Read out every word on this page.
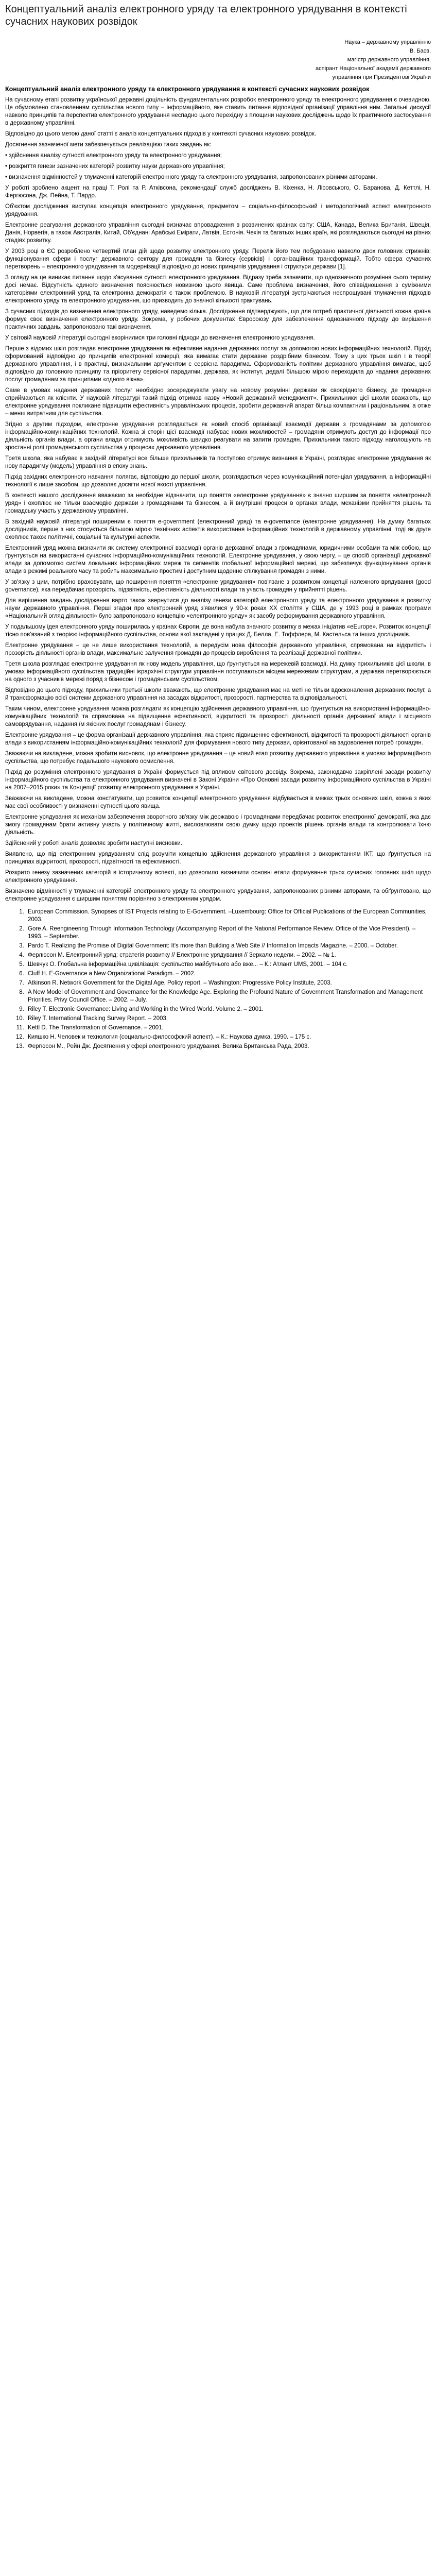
Концептуальний аналіз електронного уряду та електронного урядування в контексті сучасних наукових розвідок
Наука – державному управлінню
В. Басв,
магістр державного управління,
аспірант Національної академії державного
управління при Президентові України
Концептуальний аналіз електронного уряду та електронного урядування в контексті сучасних наукових розвідок

На сучасному етапі розвитку української державні доцільність фундаментальних розробок електронного уряду та електронного урядування є очевидною. Це обумовлено становленням суспільства нового типу – інформаційного, яке ставить питання відповідної організації управління ним. Загальні дискусії навколо принципів та перспектив електронного урядування неспадно цього перехідну з площини наукових досліджень щодо їх практичного застосування в державному управлінні.

Відповідно до цього метою даної статті є аналіз концептуальних підходів у контексті сучасних наукових розвідок.

Досягнення зазначеної мети забезпечується реалізацією таких завдань як:

• здійснення аналізу сутності електронного уряду та електронного урядування;

• розкриття генези зазначених категорій розвитку науки державного управління;

• визначення відмінностей у тлумаченні категорій електронного уряду та електронного урядування, запропонованих різними авторами.

У роботі зроблено акцент на праці Т. Ролі та Р. Атківсона, рекомендації служб досліджень В. Кіхенка, Н. Лісовського, О. Баранова, Д. Кеттлі, Н. Фергюсона, Дж. Пейна, Т. Пардо.

Об'єктом дослідження виступає концепція електронного урядування, предметом – соціально-філософський і методологічний аспект електронного урядування.

Електронне реагування державного управління сьогодні визначає впровадження в розвинених країнах світу: США, Канада, Велика Британія, Швеція, Данія, Норвегія, а також Австралія, Китай, Об'єднані Арабські Емірати, Латвія, Естонія. Чехія та багатьох інших країн, які розглядаються сьогодні на різних стадіях розвитку.

У 2003 році в ЄС розроблено четвертий план дій щодо розвитку електронного уряду. Перелік його тем побудовано навколо двох головних стрижнів: функціонування сфери і послуг державного сектору для громадян та бізнесу (сервісів) і організаційних трансформацій. Тобто сфера сучасних перетворень – електронного урядування та модернізації відповідно до нових принципів урядування і структури держави [1].

З огляду на це виникає питання щодо з'ясування сутності електронного урядування. Відразу треба зазначити, що однозначного розуміння сього терміну досі немає. Відсутність єдиного визначення пояснюється новизною цього явища. Саме проблема визначення, його співвідношення з суміжними категоріями електронний уряд та електронна демократія є також проблемою. В науковій літературі зустрічаються неспрощувані тлумачення підходів електронного уряду та електронного урядування, що призводить до значної кількості трактувань.

З сучасних підходів до визначення електронного уряду, наведемо кілька. Дослідження підтверджують, що для потреб практичної діяльності кожна країна формує своє визначення електронного уряду. Зокрема, у робочих документах Євросоюзу для забезпечення однозначного підходу до вирішення практичних завдань, запропоновано такі визначення.

У світовій науковій літературі сьогодні вкорінилися три головні підходи до визначення електронного урядування.

Перше з відомих шкіл розглядає електронне урядування як ефективне надання державних послуг за допомогою нових інформаційних технологій. Підхід сформований відповідно до принципів електронної комерції, яка вимагає стати державне роздрібним бізнесом. Тому з цих трьох шкіл і в теорії державного управління, і в практиці, визначальним аргументом є сервісна парадигма. Сформованість політики державного управління вимагає, щоб відповідно до головного принципу та пріоритету сервісної парадигми, держава, як інститут, дедалі більшою мірою переходила до надання державних послуг громадянам за принципами «одного вікна».

Саме в умовах надання державних послуг необхідно зосереджувати увагу на новому розумінні держави як своєрідного бізнесу, де громадяни сприймаються як клієнти. У науковій літературі такий підхід отримав назву «Новий державний менеджмент». Прихильники цієї школи вважають, що електронне урядування покликане підвищити ефективність управлінських процесів, зробити державний апарат більш компактним і раціональним, а отже – менш витратним для суспільства.

Згідно з другим підходом, електронне урядування розглядається як новий спосіб організації взаємодії держави з громадянами за допомогою інформаційно-комунікаційних технологій. Кожна зі сторін цієї взаємодії набуває нових можливостей – громадяни отримують доступ до інформації про діяльність органів влади, а органи влади отримують можливість швидко реагувати на запити громадян. Прихильники такого підходу наголошують на зростанні ролі громадянського суспільства у процесах державного управління.

Третя школа, яка набуває в західній літературі все більше прихильників та поступово отримує визнання в Україні, розглядає електронне урядування як нову парадигму (модель) управління в епоху знань.

Підхід західних електронного навчання полягає, відповідно до першої школи, розглядається через комунікаційний потенціал урядування, а інформаційні технології є лише засобом, що дозволяє досягти нової якості управління.

В контексті нашого дослідження вважаємо за необхідне відзначити, що поняття «електронне урядування» є значно ширшим за поняття «електронний уряд» і охоплює не тільки взаємодію держави з громадянами та бізнесом, а й внутрішні процеси в органах влади, механізми прийняття рішень та громадську участь у державному управлінні.

В західній науковій літературі поширеним є поняття e-government (електронний уряд) та e-governance (електронне урядування). На думку багатьох дослідників, перше з них стосується більшою мірою технічних аспектів використання інформаційних технологій в державному управлінні, тоді як друге охоплює також політичні, соціальні та культурні аспекти.

Електронний уряд можна визначити як систему електронної взаємодії органів державної влади з громадянами, юридичними особами та між собою, що ґрунтується на використанні сучасних інформаційно-комунікаційних технологій. Електронне урядування, у свою чергу, – це спосіб організації державної влади за допомогою систем локальних інформаційних мереж та сегментів глобальної інформаційної мережі, що забезпечує функціонування органів влади в режимі реального часу та робить максимально простим і доступним щоденне спілкування громадян з ними.

У зв'язку з цим, потрібно враховувати, що поширення поняття «електронне урядування» пов'язане з розвитком концепції належного врядування (good governance), яка передбачає прозорість, підзвітність, ефективність діяльності влади та участь громадян у прийнятті рішень.

Для вирішення завдань дослідження варто також звернутися до аналізу генези категорій електронного уряду та електронного урядування в розвитку науки державного управління. Перші згадки про електронний уряд з'явилися у 90-х роках ХХ століття у США, де у 1993 році в рамках програми «Національний огляд діяльності» було запропоновано концепцію «електронного уряду» як засобу реформування державного управління.

У подальшому ідея електронного уряду поширилась у країнах Європи, де вона набула значного розвитку в межах ініціатив «eEurope». Розвиток концепції тісно пов'язаний з теорією інформаційного суспільства, основи якої закладені у працях Д. Белла, Е. Тоффлера, М. Кастельса та інших дослідників.

Електронне урядування – це не лише використання технологій, а передусім нова філософія державного управління, спрямована на відкритість і прозорість діяльності органів влади, максимальне залучення громадян до процесів вироблення та реалізації державної політики.

Третя школа розглядає електронне урядування як нову модель управління, що ґрунтується на мережевій взаємодії. На думку прихильників цієї школи, в умовах інформаційного суспільства традиційні ієрархічні структури управління поступаються місцем мережевим структурам, а держава перетворюється на одного з учасників мережі поряд з бізнесом і громадянським суспільством.

Відповідно до цього підходу, прихильники третьої школи вважають, що електронне урядування має на меті не тільки вдосконалення державних послуг, а й трансформацію всієї системи державного управління на засадах відкритості, прозорості, партнерства та відповідальності.

Таким чином, електронне урядування можна розглядати як концепцію здійснення державного управління, що ґрунтується на використанні інформаційно-комунікаційних технологій та спрямована на підвищення ефективності, відкритості та прозорості діяльності органів державної влади і місцевого самоврядування, надання їм якісних послуг громадянам і бізнесу.

Електронне урядування – це форма організації державного управління, яка сприяє підвищенню ефективності, відкритості та прозорості діяльності органів влади з використанням інформаційно-комунікаційних технологій для формування нового типу держави, орієнтованої на задоволення потреб громадян.

Зважаючи на викладене, можна зробити висновок, що електронне урядування – це новий етап розвитку державного управління в умовах інформаційного суспільства, що потребує подальшого наукового осмислення.

Підхід до розуміння електронного урядування в Україні формується під впливом світового досвіду. Зокрема, законодавчо закріплені засади розвитку інформаційного суспільства та електронного урядування визначені в Законі України «Про Основні засади розвитку інформаційного суспільства в Україні на 2007–2015 роки» та Концепції розвитку електронного урядування в Україні.

Зважаючи на викладене, можна констатувати, що розвиток концепції електронного урядування відбувається в межах трьох основних шкіл, кожна з яких має свої особливості у визначенні сутності цього явища.

Електронне урядування як механізм забезпечення зворотного зв'язку між державою і громадянами передбачає розвиток електронної демократії, яка дає змогу громадянам брати активну участь у політичному житті, висловлювати свою думку щодо проектів рішень органів влади та контролювати їхню діяльність.

Здійснений у роботі аналіз дозволяє зробити наступні висновки.

Виявлено, що під електронним урядуванням слід розуміти концепцію здійснення державного управління з використанням ІКТ, що ґрунтується на принципах відкритості, прозорості, підзвітності та ефективності.

Розкрито генезу зазначених категорій в історичному аспекті, що дозволило визначити основні етапи формування трьох сучасних головних шкіл щодо електронного урядування.

Визначено відмінності у тлумаченні категорій електронного уряду та електронного урядування, запропонованих різними авторами, та обґрунтовано, що електронне урядування є ширшим поняттям порівняно з електронним урядом.

1. European Commission. Synopses of IST Projects relating to E-Government. –Luxembourg: Office for Official Publications of the European Communities, 2003.
2. Gore A. Reengineering Through Information Technology (Accompanying Report of the National Performance Review. Office of the Vice President). – 1993. – September.
3. Pardo T. Realizing the Promise of Digital Government: It's more than Building a Web Site // Information Impacts Magazine. – 2000. – October.
4. Ферлюсон М. Електронний уряд: стратегія розвитку // Електронне урядування // Зеркало недели. – 2002. – № 1.
5. Шевчук О. Глобальна інформаційна цивілізація: суспільство майбутнього або вже... – К.: Атлант UMS, 2001. – 104 с.
6. Cluff H. E-Governance a New Organizational Paradigm. – 2002.
7. Atkinson R. Network Government for the Digital Age. Policy report. – Washington: Progressive Policy Institute, 2003.
8. A New Model of Government and Governance for the Knowledge Age. Exploring the Profound Nature of Government Transformation and Management Priorities. Privy Council Office. – 2002. – July.
9. Riley T. Electronic Governance: Living and Working in the Wired World. Volume 2. – 2001.
10. Riley T. International Tracking Survey Report. – 2003.
11. Kettl D. The Transformation of Governance. – 2001.
12. Кияшко Н. Человек и технология (социально-философский аспект). – К.: Наукова думка, 1990. – 175 с.
13. Фергюсон М., Рейн Дж. Досягнення у сфері електронного урядування. Велика Британська Рада, 2003.
